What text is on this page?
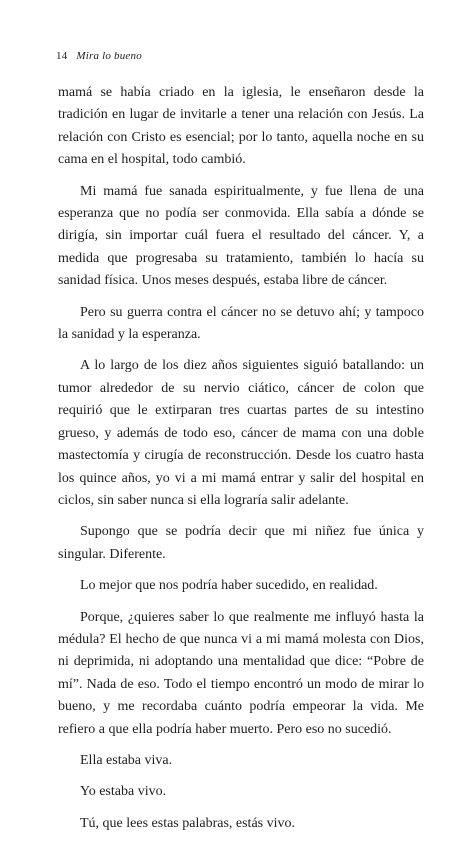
14 Mira lo bueno

mamá se había criado en la iglesia, le enseñaron desde la tradición en lugar de invitarle a tener una relación con Jesús. La relación con Cristo es esencial; por lo tanto, aquella noche en su cama en el hospital, todo cambió.

Mi mamá fue sanada espiritualmente, y fue llena de una esperanza que no podía ser conmovida. Ella sabía a dónde se dirigía, sin importar cuál fuera el resultado del cáncer. Y, a medida que progresaba su tratamiento, también lo hacía su sanidad física. Unos meses después, estaba libre de cáncer.

Pero su guerra contra el cáncer no se detuvo ahí; y tampoco la sanidad y la esperanza.

A lo largo de los diez años siguientes siguió batallando: un tumor alrededor de su nervio ciático, cáncer de colon que requirió que le extirparan tres cuartas partes de su intestino grueso, y además de todo eso, cáncer de mama con una doble mastectomía y cirugía de reconstrucción. Desde los cuatro hasta los quince años, yo vi a mi mamá entrar y salir del hospital en ciclos, sin saber nunca si ella lograría salir adelante.

Supongo que se podría decir que mi niñez fue única y singular. Diferente.

Lo mejor que nos podría haber sucedido, en realidad.

Porque, ¿quieres saber lo que realmente me influyó hasta la médula? El hecho de que nunca vi a mi mamá molesta con Dios, ni deprimida, ni adoptando una mentalidad que dice: “Pobre de mí”. Nada de eso. Todo el tiempo encontró un modo de mirar lo bueno, y me recordaba cuánto podría empeorar la vida. Me refiero a que ella podría haber muerto. Pero eso no sucedió.

Ella estaba viva.

Yo estaba vivo.

Tú, que lees estas palabras, estás vivo.
